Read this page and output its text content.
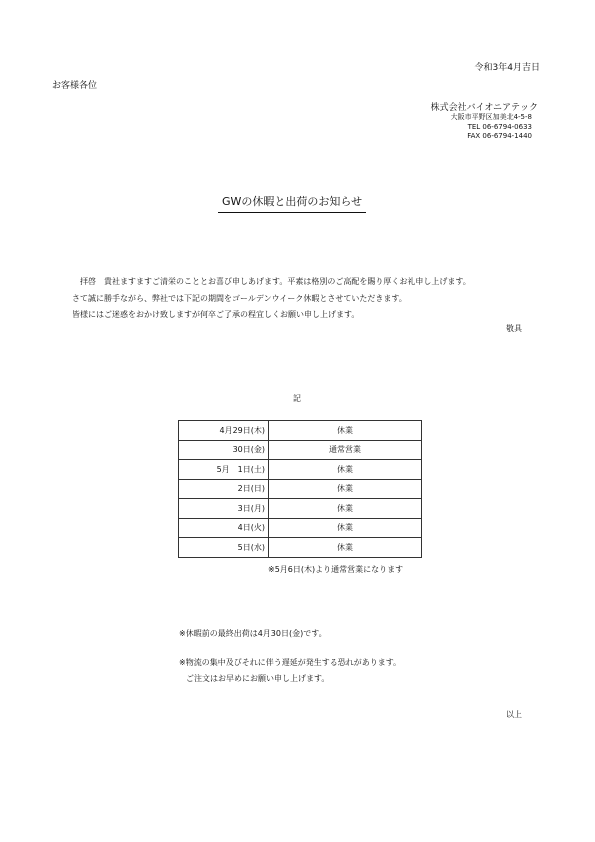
令和3年4月吉日
お客様各位
株式会社バイオニアテック
大阪市平野区加美北4-5-8
TEL 06-6794-0633
FAX 06-6794-1440
GWの休暇と出荷のお知らせ
拝啓　貴社ますますご清栄のこととお喜び申しあげます。平素は格別のご高配を賜り厚くお礼申し上げます。
さて誠に勝手ながら、弊社では下記の期間をゴールデンウイーク休暇とさせていただきます。
皆様にはご迷惑をおかけ致しますが何卒ご了承の程宜しくお願い申し上げます。
敬具
記
4月29日(木)	休業
30日(金)	通常営業
5月　1日(土)	休業
2日(日)	休業
3日(月)	休業
4日(火)	休業
5日(水)	休業
※5月6日(木)より通常営業になります
※休暇前の最終出荷は4月30日(金)です。
※物流の集中及びそれに伴う遅延が発生する恐れがあります。
ご注文はお早めにお願い申し上げます。
以上
